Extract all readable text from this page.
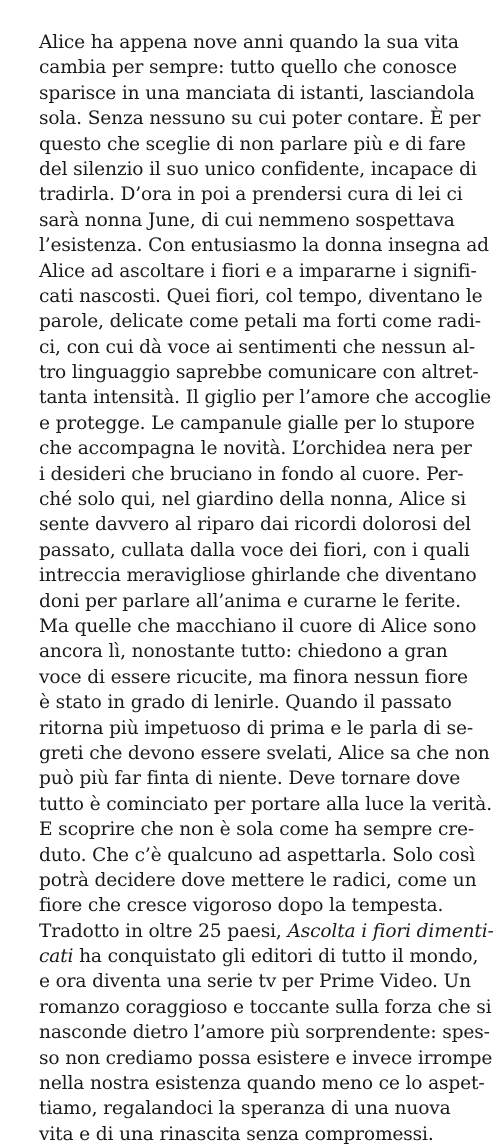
Alice ha appena nove anni quando la sua vita
cambia per sempre: tutto quello che conosce
sparisce in una manciata di istanti, lasciandola
sola. Senza nessuno su cui poter contare. È per
questo che sceglie di non parlare più e di fare
del silenzio il suo unico confidente, incapace di
tradirla. D’ora in poi a prendersi cura di lei ci
sarà nonna June, di cui nemmeno sospettava
l’esistenza. Con entusiasmo la donna insegna ad
Alice ad ascoltare i fiori e a impararne i signifi-
cati nascosti. Quei fiori, col tempo, diventano le
parole, delicate come petali ma forti come radi-
ci, con cui dà voce ai sentimenti che nessun al-
tro linguaggio saprebbe comunicare con altret-
tanta intensità. Il giglio per l’amore che accoglie
e protegge. Le campanule gialle per lo stupore
che accompagna le novità. L’orchidea nera per
i desideri che bruciano in fondo al cuore. Per-
ché solo qui, nel giardino della nonna, Alice si
sente davvero al riparo dai ricordi dolorosi del
passato, cullata dalla voce dei fiori, con i quali
intreccia meravigliose ghirlande che diventano
doni per parlare all’anima e curarne le ferite.
Ma quelle che macchiano il cuore di Alice sono
ancora lì, nonostante tutto: chiedono a gran
voce di essere ricucite, ma finora nessun fiore
è stato in grado di lenirle. Quando il passato
ritorna più impetuoso di prima e le parla di se-
greti che devono essere svelati, Alice sa che non
può più far finta di niente. Deve tornare dove
tutto è cominciato per portare alla luce la verità.
E scoprire che non è sola come ha sempre cre-
duto. Che c’è qualcuno ad aspettarla. Solo così
potrà decidere dove mettere le radici, come un
fiore che cresce vigoroso dopo la tempesta.
Tradotto in oltre 25 paesi, Ascolta i fiori dimenti-
cati ha conquistato gli editori di tutto il mondo,
e ora diventa una serie tv per Prime Video. Un
romanzo coraggioso e toccante sulla forza che si
nasconde dietro l’amore più sorprendente: spes-
so non crediamo possa esistere e invece irrompe
nella nostra esistenza quando meno ce lo aspet-
tiamo, regalandoci la speranza di una nuova
vita e di una rinascita senza compromessi.
